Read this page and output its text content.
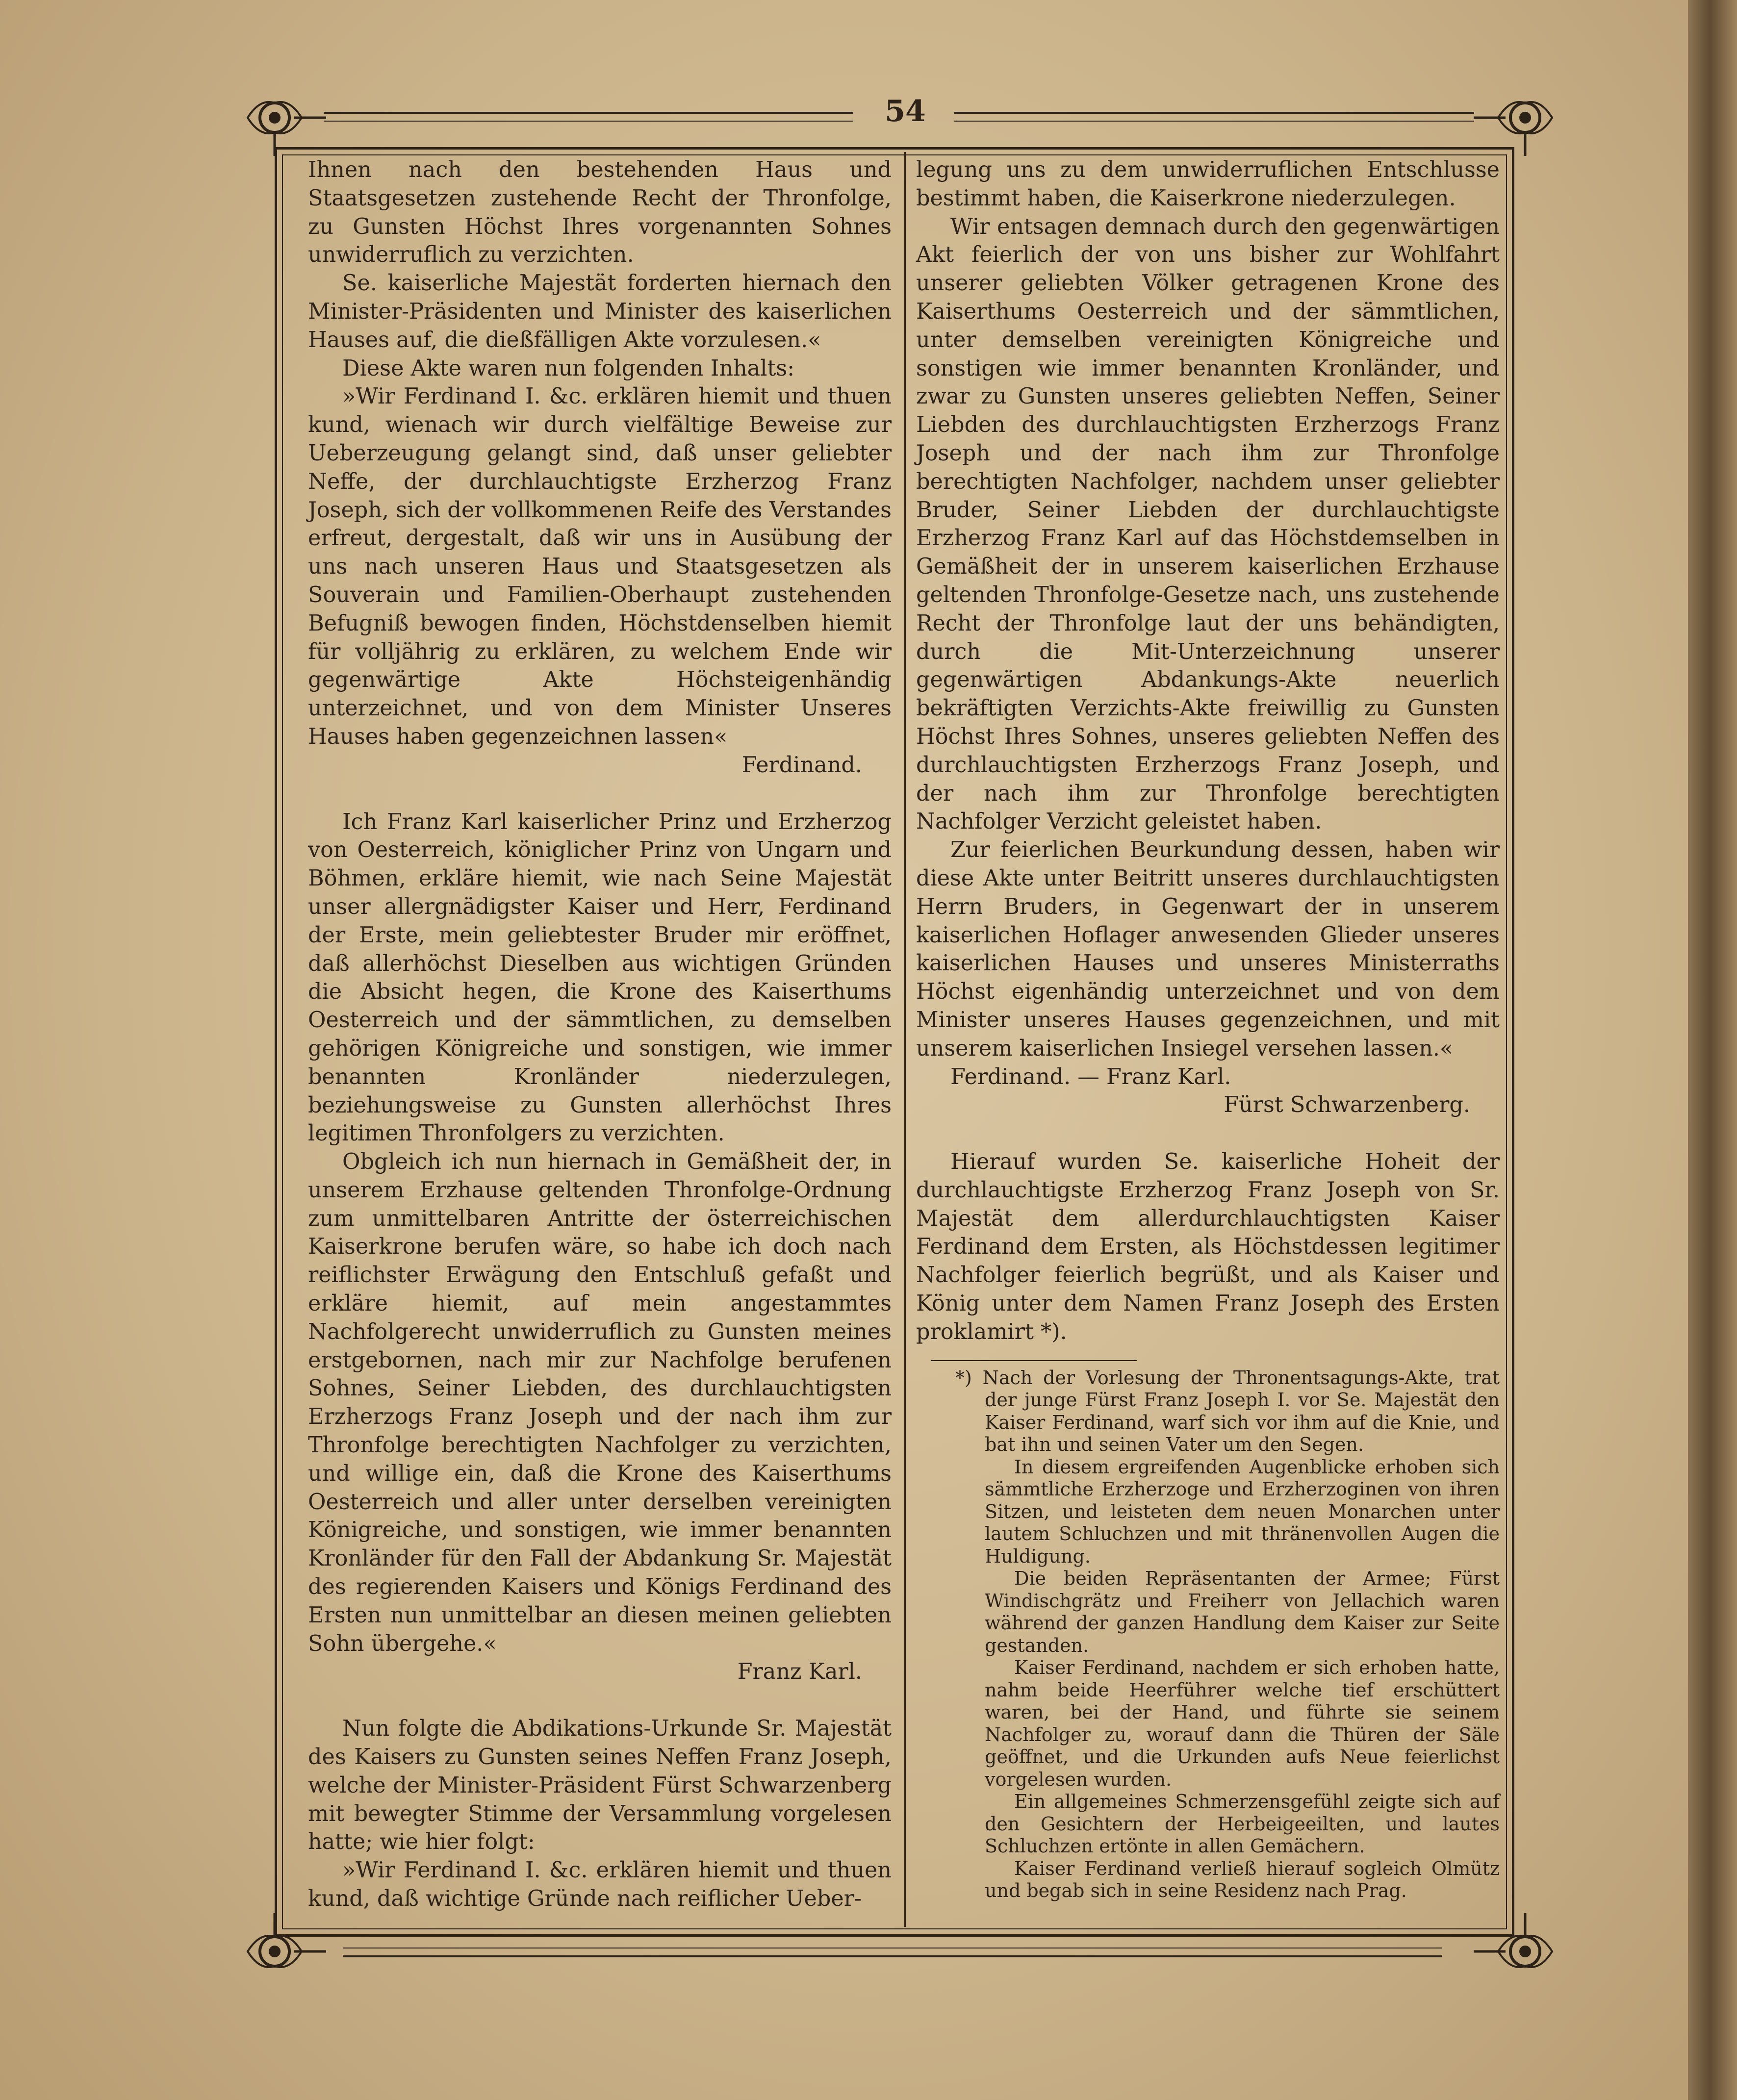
54

Ihnen nach den bestehenden Haus und Staatsgesetzen zustehende Recht der Thronfolge, zu Gunsten Höchst Ihres vorgenannten Sohnes unwiderruflich zu verzichten.

Se. kaiserliche Majestät forderten hiernach den Minister-Präsidenten und Minister des kaiserlichen Hauses auf, die dießfälligen Akte vorzulesen.«

Diese Akte waren nun folgenden Inhalts:

»Wir Ferdinand I. &c. erklären hiemit und thuen kund, wienach wir durch vielfältige Beweise zur Ueberzeugung gelangt sind, daß unser geliebter Neffe, der durchlauchtigste Erzherzog Franz Joseph, sich der vollkommenen Reife des Verstandes erfreut, dergestalt, daß wir uns in Ausübung der uns nach unseren Haus und Staatsgesetzen als Souverain und Familien-Oberhaupt zustehenden Befugniß bewogen finden, Höchstdenselben hiemit für volljährig zu erklären, zu welchem Ende wir gegenwärtige Akte Höchsteigenhändig unterzeichnet, und von dem Minister Unseres Hauses haben gegenzeichnen lassen«

Ferdinand.

Ich Franz Karl kaiserlicher Prinz und Erzherzog von Oesterreich, königlicher Prinz von Ungarn und Böhmen, erkläre hiemit, wie nach Seine Majestät unser allergnädigster Kaiser und Herr, Ferdinand der Erste, mein geliebtester Bruder mir eröffnet, daß allerhöchst Dieselben aus wichtigen Gründen die Absicht hegen, die Krone des Kaiserthums Oesterreich und der sämmtlichen, zu demselben gehörigen Königreiche und sonstigen, wie immer benannten Kronländer niederzulegen, beziehungsweise zu Gunsten allerhöchst Ihres legitimen Thronfolgers zu verzichten.

Obgleich ich nun hiernach in Gemäßheit der, in unserem Erzhause geltenden Thronfolge-Ordnung zum unmittelbaren Antritte der österreichischen Kaiserkrone berufen wäre, so habe ich doch nach reiflichster Erwägung den Entschluß gefaßt und erkläre hiemit, auf mein angestammtes Nachfolgerecht unwiderruflich zu Gunsten meines erstgebornen, nach mir zur Nachfolge berufenen Sohnes, Seiner Liebden, des durchlauchtigsten Erzherzogs Franz Joseph und der nach ihm zur Thronfolge berechtigten Nachfolger zu verzichten, und willige ein, daß die Krone des Kaiserthums Oesterreich und aller unter derselben vereinigten Königreiche, und sonstigen, wie immer benannten Kronländer für den Fall der Abdankung Sr. Majestät des regierenden Kaisers und Königs Ferdinand des Ersten nun unmittelbar an diesen meinen geliebten Sohn übergehe.«

Franz Karl.

Nun folgte die Abdikations-Urkunde Sr. Majestät des Kaisers zu Gunsten seines Neffen Franz Joseph, welche der Minister-Präsident Fürst Schwarzenberg mit bewegter Stimme der Versammlung vorgelesen hatte; wie hier folgt:

»Wir Ferdinand I. &c. erklären hiemit und thuen kund, daß wichtige Gründe nach reiflicher Ueber-

legung uns zu dem unwiderruflichen Entschlusse bestimmt haben, die Kaiserkrone niederzulegen.

Wir entsagen demnach durch den gegenwärtigen Akt feierlich der von uns bisher zur Wohlfahrt unserer geliebten Völker getragenen Krone des Kaiserthums Oesterreich und der sämmtlichen, unter demselben vereinigten Königreiche und sonstigen wie immer benannten Kronländer, und zwar zu Gunsten unseres geliebten Neffen, Seiner Liebden des durchlauchtigsten Erzherzogs Franz Joseph und der nach ihm zur Thronfolge berechtigten Nachfolger, nachdem unser geliebter Bruder, Seiner Liebden der durchlauchtigste Erzherzog Franz Karl auf das Höchstdemselben in Gemäßheit der in unserem kaiserlichen Erzhause geltenden Thronfolge-Gesetze nach, uns zustehende Recht der Thronfolge laut der uns behändigten, durch die Mit-Unterzeichnung unserer gegenwärtigen Abdankungs-Akte neuerlich bekräftigten Verzichts-Akte freiwillig zu Gunsten Höchst Ihres Sohnes, unseres geliebten Neffen des durchlauchtigsten Erzherzogs Franz Joseph, und der nach ihm zur Thronfolge berechtigten Nachfolger Verzicht geleistet haben.

Zur feierlichen Beurkundung dessen, haben wir diese Akte unter Beitritt unseres durchlauchtigsten Herrn Bruders, in Gegenwart der in unserem kaiserlichen Hoflager anwesenden Glieder unseres kaiserlichen Hauses und unseres Ministerraths Höchst eigenhändig unterzeichnet und von dem Minister unseres Hauses gegenzeichnen, und mit unserem kaiserlichen Insiegel versehen lassen.«

Ferdinand. — Franz Karl.

Fürst Schwarzenberg.

Hierauf wurden Se. kaiserliche Hoheit der durchlauchtigste Erzherzog Franz Joseph von Sr. Majestät dem allerdurchlauchtigsten Kaiser Ferdinand dem Ersten, als Höchstdessen legitimer Nachfolger feierlich begrüßt, und als Kaiser und König unter dem Namen Franz Joseph des Ersten proklamirt *).

*) Nach der Vorlesung der Thronentsagungs-Akte, trat der junge Fürst Franz Joseph I. vor Se. Majestät den Kaiser Ferdinand, warf sich vor ihm auf die Knie, und bat ihn und seinen Vater um den Segen.

In diesem ergreifenden Augenblicke erhoben sich sämmtliche Erzherzoge und Erzherzoginen von ihren Sitzen, und leisteten dem neuen Monarchen unter lautem Schluchzen und mit thränenvollen Augen die Huldigung.

Die beiden Repräsentanten der Armee; Fürst Windischgrätz und Freiherr von Jellachich waren während der ganzen Handlung dem Kaiser zur Seite gestanden.

Kaiser Ferdinand, nachdem er sich erhoben hatte, nahm beide Heerführer welche tief erschüttert waren, bei der Hand, und führte sie seinem Nachfolger zu, worauf dann die Thüren der Säle geöffnet, und die Urkunden aufs Neue feierlichst vorgelesen wurden.

Ein allgemeines Schmerzensgefühl zeigte sich auf den Gesichtern der Herbeigeeilten, und lautes Schluchzen ertönte in allen Gemächern.

Kaiser Ferdinand verließ hierauf sogleich Olmütz und begab sich in seine Residenz nach Prag.
